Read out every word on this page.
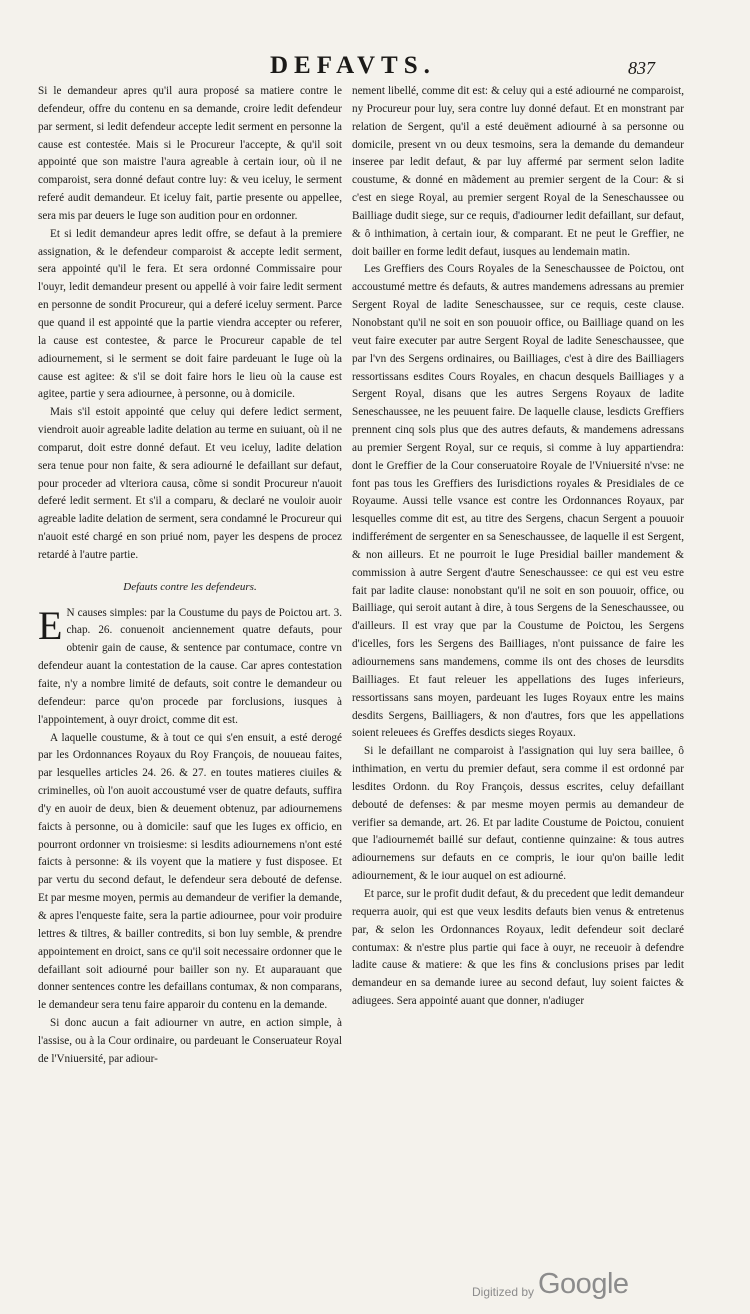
DEFAVTS.	837

Si le demandeur apres qu'il aura proposé sa matiere contre le defendeur, offre du contenu en sa demande, croire ledit defendeur par serment, si ledit defendeur accepte ledit serment en personne la cause est contestée. Mais si le Procureur l'accepte, & qu'il soit appointé que son maistre l'aura agreable à certain iour, où il ne comparoist, sera donné defaut contre luy: & veu iceluy, le serment referé audit demandeur. Et iceluy fait, partie presente ou appellee, sera mis par deuers le Iuge son audition pour en ordonner.

Et si ledit demandeur apres ledit offre, se defaut à la premiere assignation, & le defendeur comparoist & accepte ledit serment, sera appointé qu'il le fera. Et sera ordonné Commissaire pour l'ouyr, ledit demandeur present ou appellé à voir faire ledit serment en personne de sondit Procureur, qui a deferé iceluy serment. Parce que quand il est appointé que la partie viendra accepter ou referer, la cause est contestee, & parce le Procureur capable de tel adiournement, si le serment se doit faire pardeuant le Iuge où la cause est agitee: & s'il se doit faire hors le lieu où la cause est agitee, partie y sera adiournee, à personne, ou à domicile.

Mais s'il estoit appointé que celuy qui defere ledict serment, viendroit auoir agreable ladite delation au terme en suiuant, où il ne comparut, doit estre donné defaut. Et veu iceluy, ladite delation sera tenue pour non faite, & sera adiourné le defaillant sur defaut, pour proceder ad vlteriora causa, cõme si sondit Procureur n'auoit deferé ledit serment. Et s'il a comparu, & declaré ne vouloir auoir agreable ladite delation de serment, sera condamné le Procureur qui n'auoit esté chargé en son priué nom, payer les despens de procez retardé à l'autre partie.

Defauts contre les defendeurs.

E N causes simples: par la Coustume du pays de Poictou art. 3. chap. 26. conuenoit anciennement quatre defauts, pour obtenir gain de cause, & sentence par contumace, contre vn defendeur auant la contestation de la cause. Car apres contestation faite, n'y a nombre limité de defauts, soit contre le demandeur ou defendeur: parce qu'on procede par forclusions, iusques à l'appointement, à ouyr droict, comme dit est.

A laquelle coustume, & à tout ce qui s'en ensuit, a esté derogé par les Ordonnances Royaux du Roy François, de nouueau faites, par lesquelles articles 24. 26. & 27. en toutes matieres ciuiles & criminelles, où l'on auoit accoustumé vser de quatre defauts, suffira d'y en auoir de deux, bien & deuement obtenuz, par adiournemens faicts à personne, ou à domicile: sauf que les Iuges ex officio, en pourront ordonner vn troisiesme: si lesdits adiournemens n'ont esté faicts à personne: & ils voyent que la matiere y fust disposee. Et par vertu du second defaut, le defendeur sera debouté de defense. Et par mesme moyen, permis au demandeur de verifier la demande, & apres l'enqueste faite, sera la partie adiournee, pour voir produire lettres & tiltres, & bailler contredits, si bon luy semble, & prendre appointement en droict, sans ce qu'il soit necessaire ordonner que le defaillant soit adiourné pour bailler son ny. Et auparauant que donner sentences contre les defaillans contumax, & non comparans, le demandeur sera tenu faire apparoir du contenu en la demande.

Si donc aucun a fait adiourner vn autre, en action simple, à l'assise, ou à la Cour ordinaire, ou pardeuant le Conseruateur Royal de l'Vniuersité, par adiour-

nement libellé, comme dit est: & celuy qui a esté adiourné ne comparoist, ny Procureur pour luy, sera contre luy donné defaut. Et en monstrant par relation de Sergent, qu'il a esté deuëment adiourné à sa personne ou domicile, present vn ou deux tesmoins, sera la demande du demandeur inseree par ledit defaut, & par luy affermé par serment selon ladite coustume, & donné en mãdement au premier sergent de la Cour: & si c'est en siege Royal, au premier sergent Royal de la Seneschaussee ou Bailliage dudit siege, sur ce requis, d'adiourner ledit defaillant, sur defaut, & ô inthimation, à certain iour, & comparant. Et ne peut le Greffier, ne doit bailler en forme ledit defaut, iusques au lendemain matin.

Les Greffiers des Cours Royales de la Seneschaussee de Poictou, ont accoustumé mettre és defauts, & autres mandemens adressans au premier Sergent Royal de ladite Seneschaussee, sur ce requis, ceste clause. Nonobstant qu'il ne soit en son pouuoir office, ou Bailliage quand on les veut faire executer par autre Sergent Royal de ladite Seneschaussee, que par l'vn des Sergens ordinaires, ou Bailliages, c'est à dire des Bailliagers ressortissans esdites Cours Royales, en chacun desquels Bailliages y a Sergent Royal, disans que les autres Sergens Royaux de ladite Seneschaussee, ne les peuuent faire. De laquelle clause, lesdicts Greffiers prennent cinq sols plus que des autres defauts, & mandemens adressans au premier Sergent Royal, sur ce requis, si comme à luy appartiendra: dont le Greffier de la Cour conseruatoire Royale de l'Vniuersité n'vse: ne font pas tous les Greffiers des Iurisdictions royales & Presidiales de ce Royaume. Aussi telle vsance est contre les Ordonnances Royaux, par lesquelles comme dit est, au titre des Sergens, chacun Sergent a pouuoir indifferément de sergenter en sa Seneschaussee, de laquelle il est Sergent, & non ailleurs. Et ne pourroit le Iuge Presidial bailler mandement & commission à autre Sergent d'autre Seneschaussee: ce qui est veu estre fait par ladite clause: nonobstant qu'il ne soit en son pouuoir, office, ou Bailliage, qui seroit autant à dire, à tous Sergens de la Seneschaussee, ou d'ailleurs. Il est vray que par la Coustume de Poictou, les Sergens d'icelles, fors les Sergens des Bailliages, n'ont puissance de faire les adiournemens sans mandemens, comme ils ont des choses de leursdits Bailliages. Et faut releuer les appellations des Iuges inferieurs, ressortissans sans moyen, pardeuant les Iuges Royaux entre les mains desdits Sergens, Bailliagers, & non d'autres, fors que les appellations soient releuees és Greffes desdicts sieges Royaux.

Si le defaillant ne comparoist à l'assignation qui luy sera baillee, ô inthimation, en vertu du premier defaut, sera comme il est ordonné par lesdites Ordonn. du Roy François, dessus escrites, celuy defaillant debouté de defenses: & par mesme moyen permis au demandeur de verifier sa demande, art. 26. Et par ladite Coustume de Poictou, conuient que l'adiournemét baillé sur defaut, contienne quinzaine: & tous autres adiournemens sur defauts en ce compris, le iour qu'on baille ledit adiournement, & le iour auquel on est adiourné.

Et parce, sur le profit dudit defaut, & du precedent que ledit demandeur requerra auoir, qui est que veux lesdits defauts bien venus & entretenus par, & selon les Ordonnances Royaux, ledit defendeur soit declaré contumax: & n'estre plus partie qui face à ouyr, ne receuoir à defendre ladite cause & matiere: & que les fins & conclusions prises par ledit demandeur en sa demande iuree au second defaut, luy soient faictes & adiugees. Sera appointé auant que donner, n'adiuger

Digitized by Google
